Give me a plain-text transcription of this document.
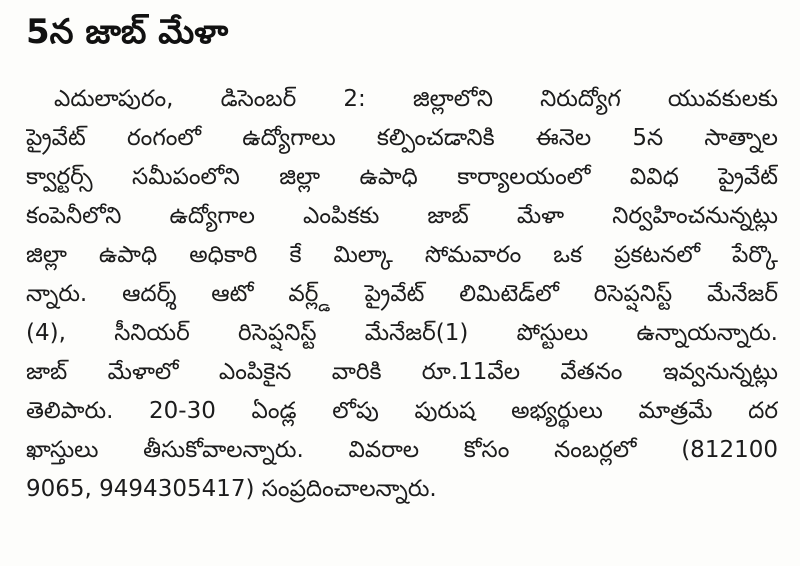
5న జాబ్ మేళా
ఎదులాపురం, డిసెంబర్ 2: జిల్లాలోని నిరుద్యోగ యువకులకు
ప్రైవేట్ రంగంలో ఉద్యోగాలు కల్పించడానికి ఈనెల 5న సాత్నాల
క్వార్టర్స్ సమీపంలోని జిల్లా ఉపాధి కార్యాలయంలో వివిధ ప్రైవేట్
కంపెనీలోని ఉద్యోగాల ఎంపికకు జాబ్ మేళా నిర్వహించనున్నట్లు
జిల్లా ఉపాధి అధికారి కే మిల్కా సోమవారం ఒక ప్రకటనలో పేర్కొ
న్నారు. ఆదర్శ్ ఆటో వర్ల్డ్ ప్రైవేట్ లిమిటెడ్‌లో రిసెప్షనిస్ట్ మేనేజర్
(4), సీనియర్ రిసెప్షనిస్ట్ మేనేజర్(1) పోస్టులు ఉన్నాయన్నారు.
జాబ్ మేళాలో ఎంపికైన వారికి రూ.11వేల వేతనం ఇవ్వనున్నట్లు
తెలిపారు. 20-30 ఏండ్ల లోపు పురుష అభ్యర్థులు మాత్రమే దర
ఖాస్తులు తీసుకోవాలన్నారు. వివరాల కోసం నంబర్లలో (812100
9065, 9494305417) సంప్రదించాలన్నారు.
